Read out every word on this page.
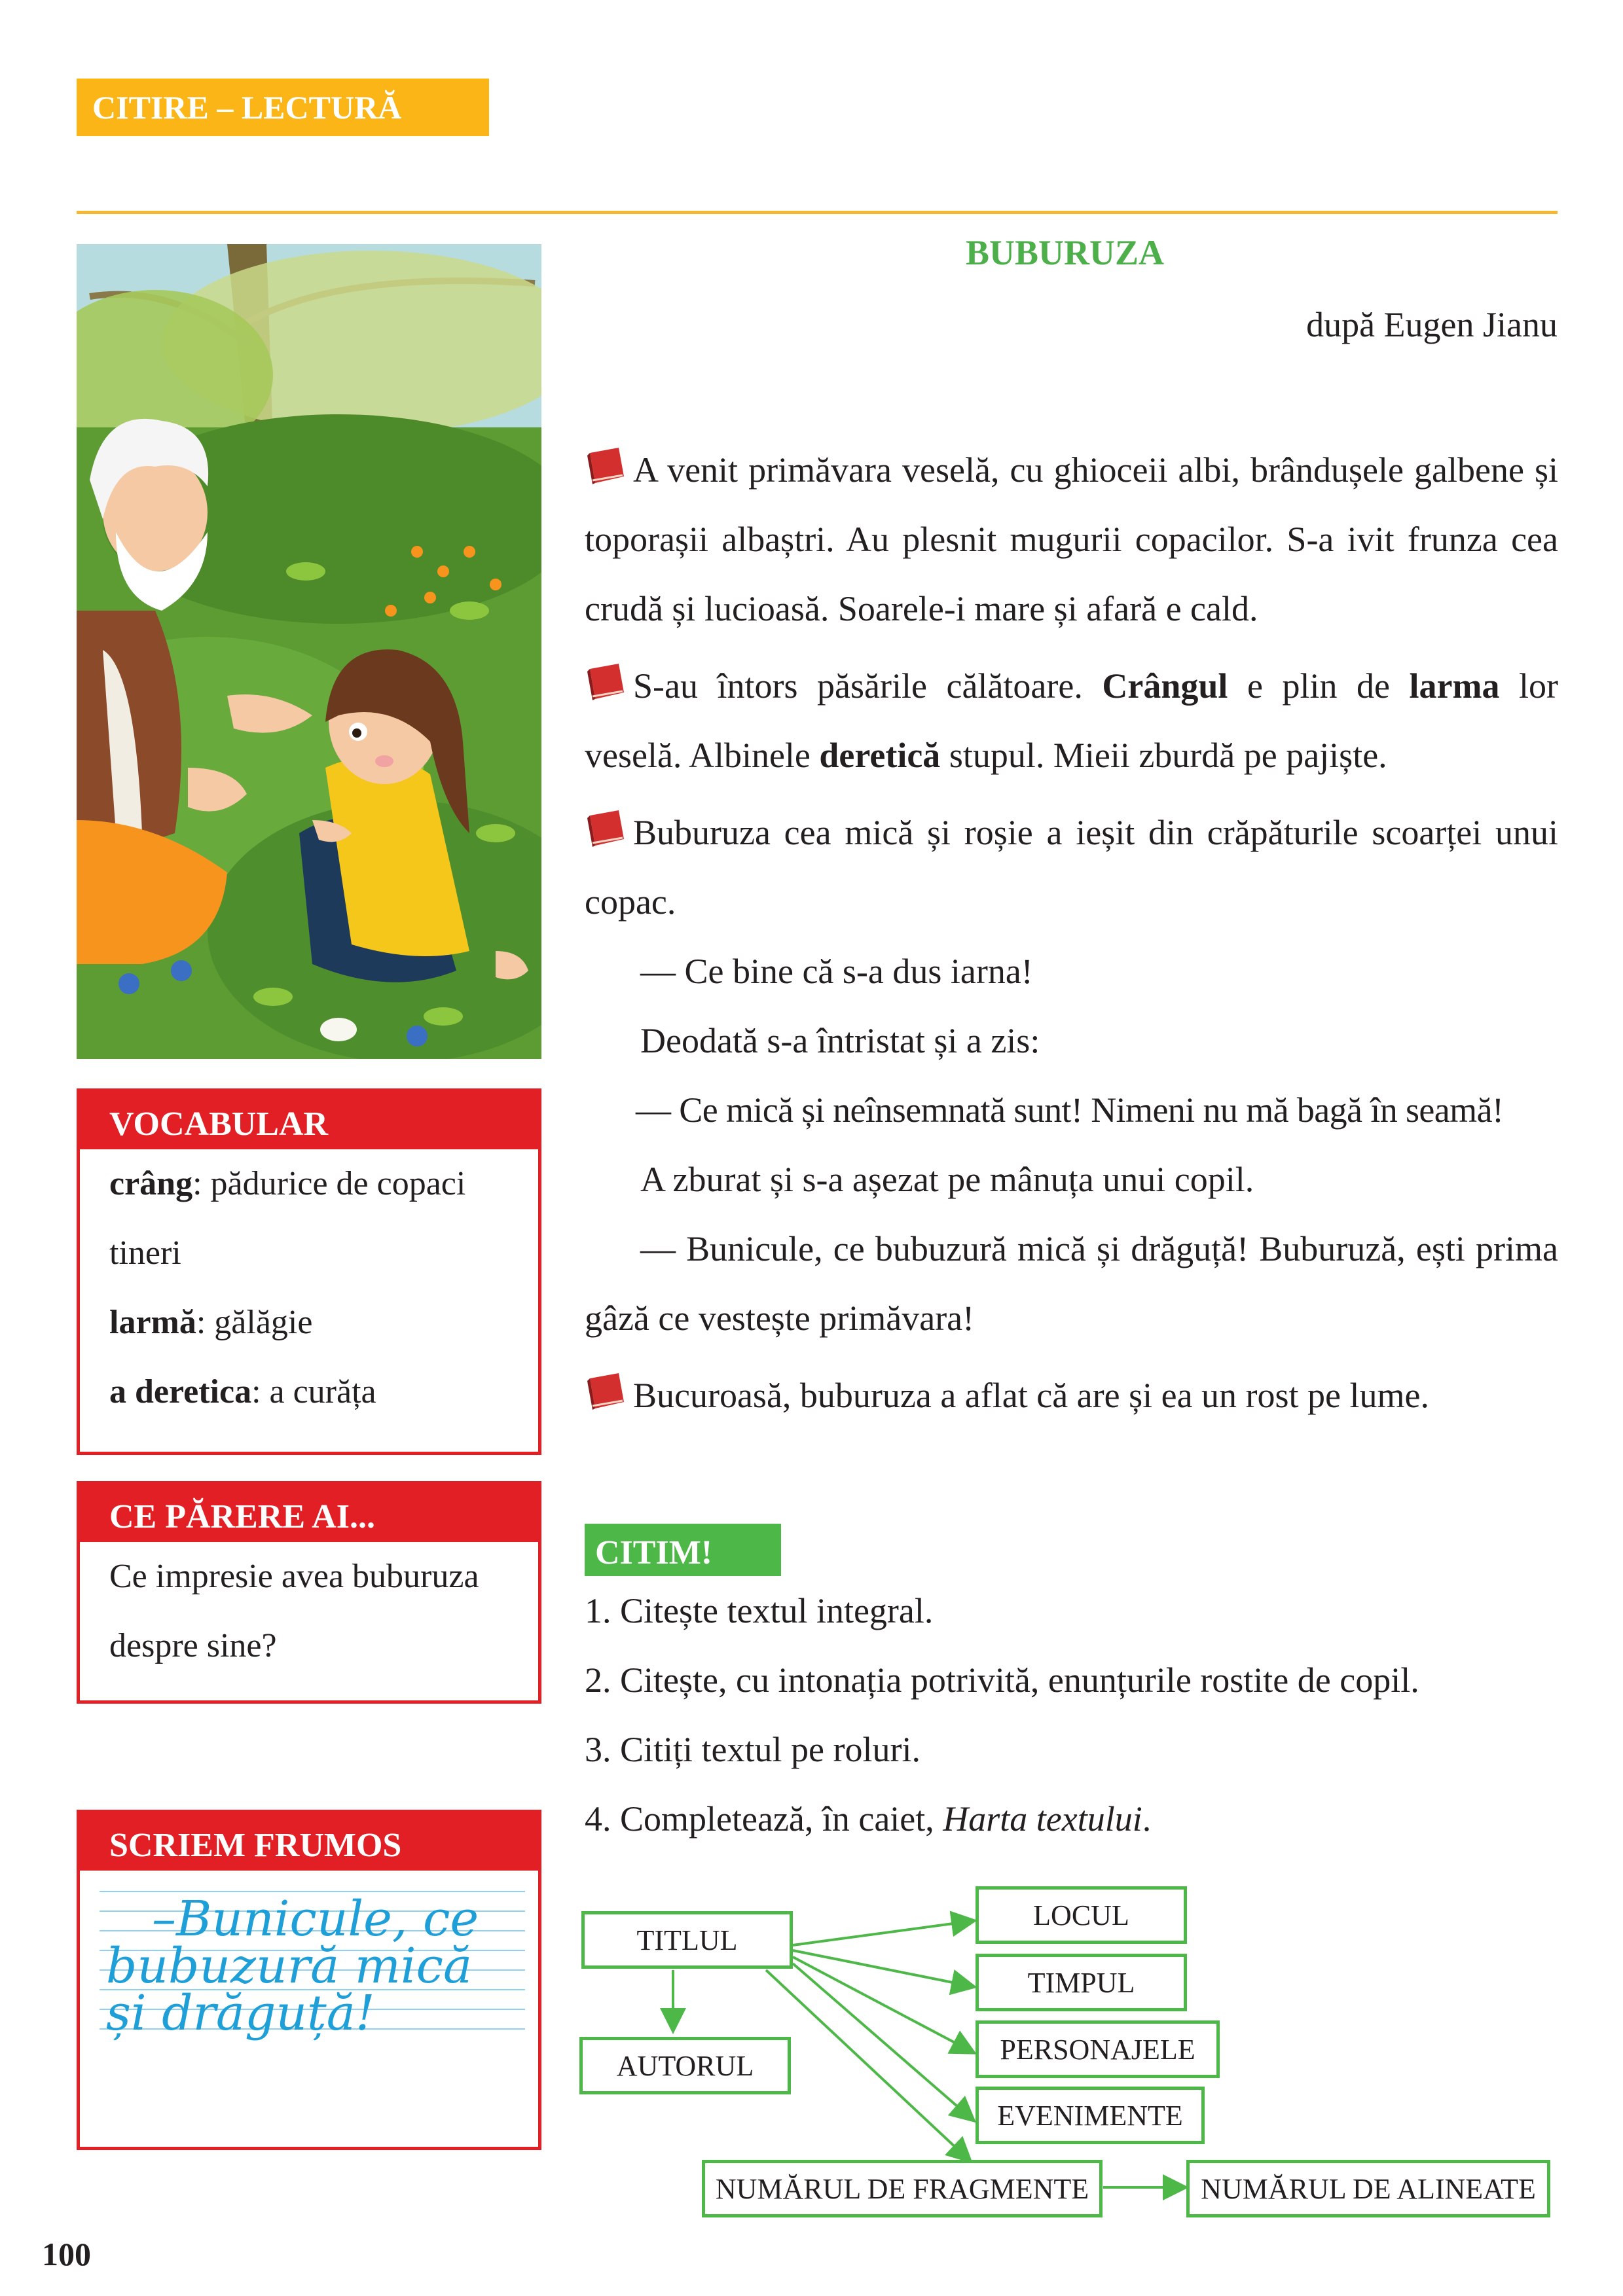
CITIRE – LECTURĂ
VOCABULAR

crâng: pădurice de copaci tineri

larmă: gălăgie

a deretica: a curăța

CE PĂRERE AI...

Ce impresie avea buburuza despre sine?

SCRIEM FRUMOS
–Bunicule, ce
bubuzură mică
și drăguță!
BUBURUZA
după Eugen Jianu

A venit primăvara veselă, cu ghioceii albi, brândușele galbene și toporașii albaștri. Au plesnit mugurii copacilor. S-a ivit frunza cea crudă și lucioasă. Soarele-i mare și afară e cald.

S-au întors păsările călătoare. Crângul e plin de larma lor veselă. Albinele deretică stupul. Mieii zburdă pe pajiște.

Buburuza cea mică și roșie a ieșit din crăpăturile scoarței unui copac.

— Ce bine că s-a dus iarna!

Deodată s-a întristat și a zis:

— Ce mică și neînsemnată sunt! Nimeni nu mă bagă în seamă!

A zburat și s-a așezat pe mânuța unui copil.

— Bunicule, ce bubuzură mică și drăguță! Buburuză, ești prima gâză ce vestește primăvara!

Bucuroasă, buburuza a aflat că are și ea un rost pe lume.

CITIM!

1. Citește textul integral.

2. Citește, cu intonația potrivită, enunțurile rostite de copil.

3. Citiți textul pe roluri.

4. Completează, în caiet, Harta textului.

TITLUL
AUTORUL
LOCUL
TIMPUL
PERSONAJELE
EVENIMENTE
NUMĂRUL DE FRAGMENTE	NUMĂRUL DE ALINEATE
100
